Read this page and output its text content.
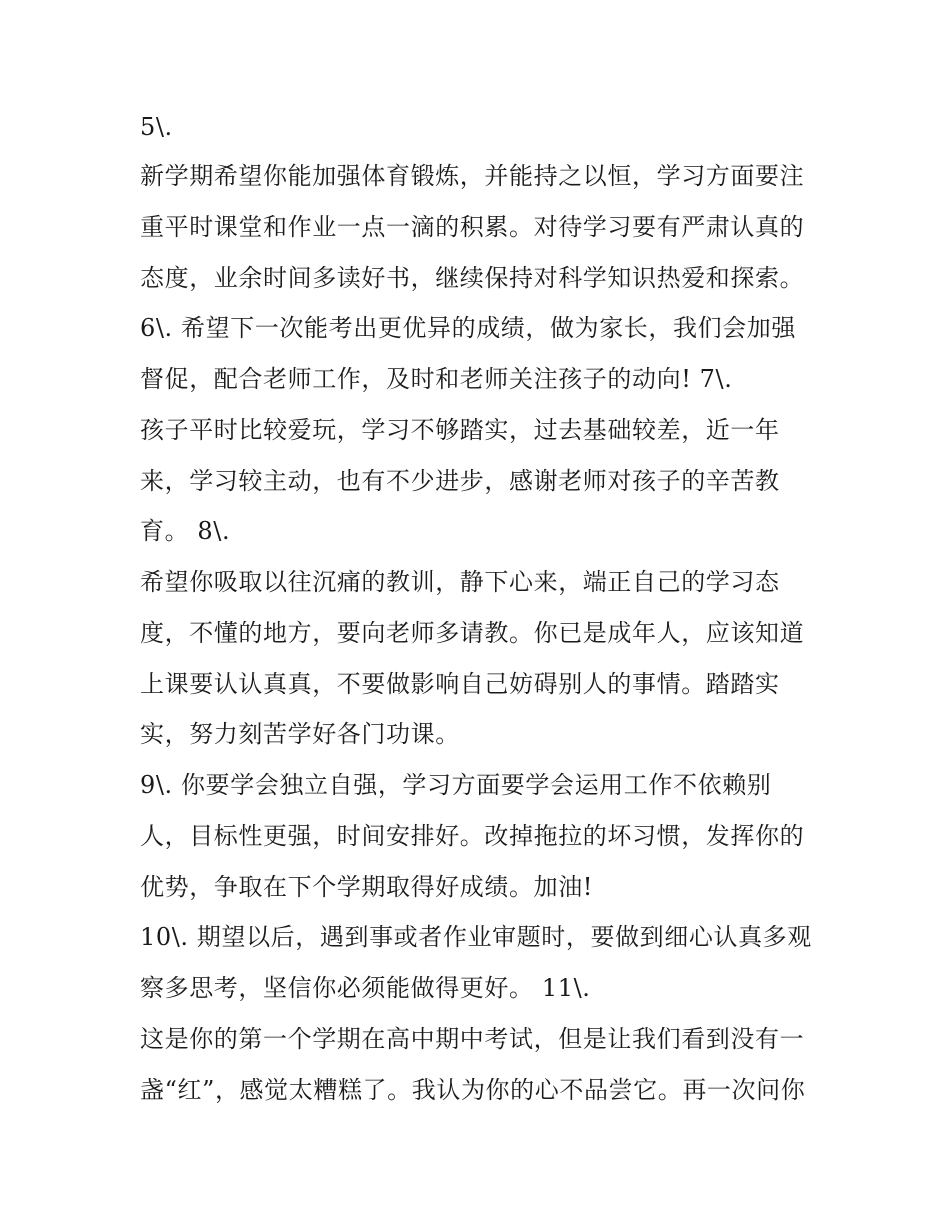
5\.
新学期希望你能加强体育锻炼，并能持之以恒，学习方面要注
重平时课堂和作业一点一滴的积累。对待学习要有严肃认真的
态度，业余时间多读好书，继续保持对科学知识热爱和探索。
6\. 希望下一次能考出更优异的成绩，做为家长，我们会加强
督促，配合老师工作，及时和老师关注孩子的动向! 7\.
孩子平时比较爱玩，学习不够踏实，过去基础较差，近一年
来，学习较主动，也有不少进步，感谢老师对孩子的辛苦教
育。 8\.
希望你吸取以往沉痛的教训，静下心来，端正自己的学习态
度，不懂的地方，要向老师多请教。你已是成年人，应该知道
上课要认认真真，不要做影响自己妨碍别人的事情。踏踏实
实，努力刻苦学好各门功课。
9\. 你要学会独立自强，学习方面要学会运用工作不依赖别
人，目标性更强，时间安排好。改掉拖拉的坏习惯，发挥你的
优势，争取在下个学期取得好成绩。加油!
10\. 期望以后，遇到事或者作业审题时，要做到细心认真多观
察多思考，坚信你必须能做得更好。 11\.
这是你的第一个学期在高中期中考试，但是让我们看到没有一
盏“红”，感觉太糟糕了。我认为你的心不品尝它。再一次问你
